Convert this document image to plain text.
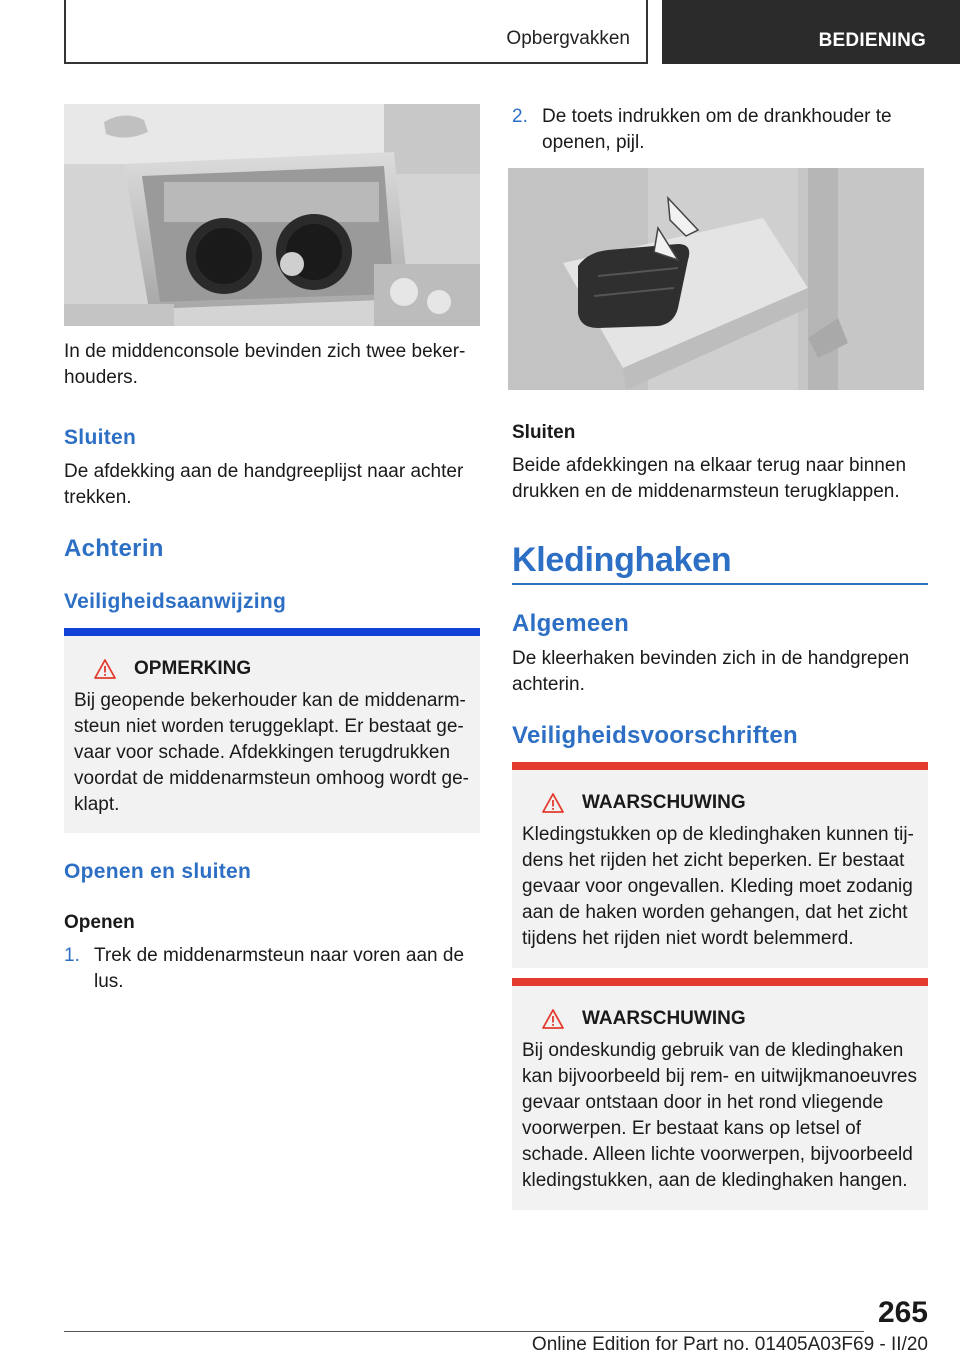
Opbergvakken	BEDIENING
In de middenconsole bevinden zich twee beker-
houders.
Sluiten
De afdekking aan de handgreeplijst naar achter
trekken.
Achterin
Veiligheidsaanwijzing
OPMERKING
Bij geopende bekerhouder kan de middenarm-
steun niet worden teruggeklapt. Er bestaat ge-
vaar voor schade. Afdekkingen terugdrukken
voordat de middenarmsteun omhoog wordt ge-
klapt.
Openen en sluiten
Openen
1. Trek de middenarmsteun naar voren aan de
lus.
2. De toets indrukken om de drankhouder te
openen, pijl.
Sluiten
Beide afdekkingen na elkaar terug naar binnen
drukken en de middenarmsteun terugklappen.
Kledinghaken
Algemeen
De kleerhaken bevinden zich in de handgrepen
achterin.
Veiligheidsvoorschriften
WAARSCHUWING
Kledingstukken op de kledinghaken kunnen tij-
dens het rijden het zicht beperken. Er bestaat
gevaar voor ongevallen. Kleding moet zodanig
aan de haken worden gehangen, dat het zicht
tijdens het rijden niet wordt belemmerd.
WAARSCHUWING
Bij ondeskundig gebruik van de kledinghaken
kan bijvoorbeeld bij rem- en uitwijkmanoeuvres
gevaar ontstaan door in het rond vliegende
voorwerpen. Er bestaat kans op letsel of
schade. Alleen lichte voorwerpen, bijvoorbeeld
kledingstukken, aan de kledinghaken hangen.
265
Online Edition for Part no. 01405A03F69 - II/20
